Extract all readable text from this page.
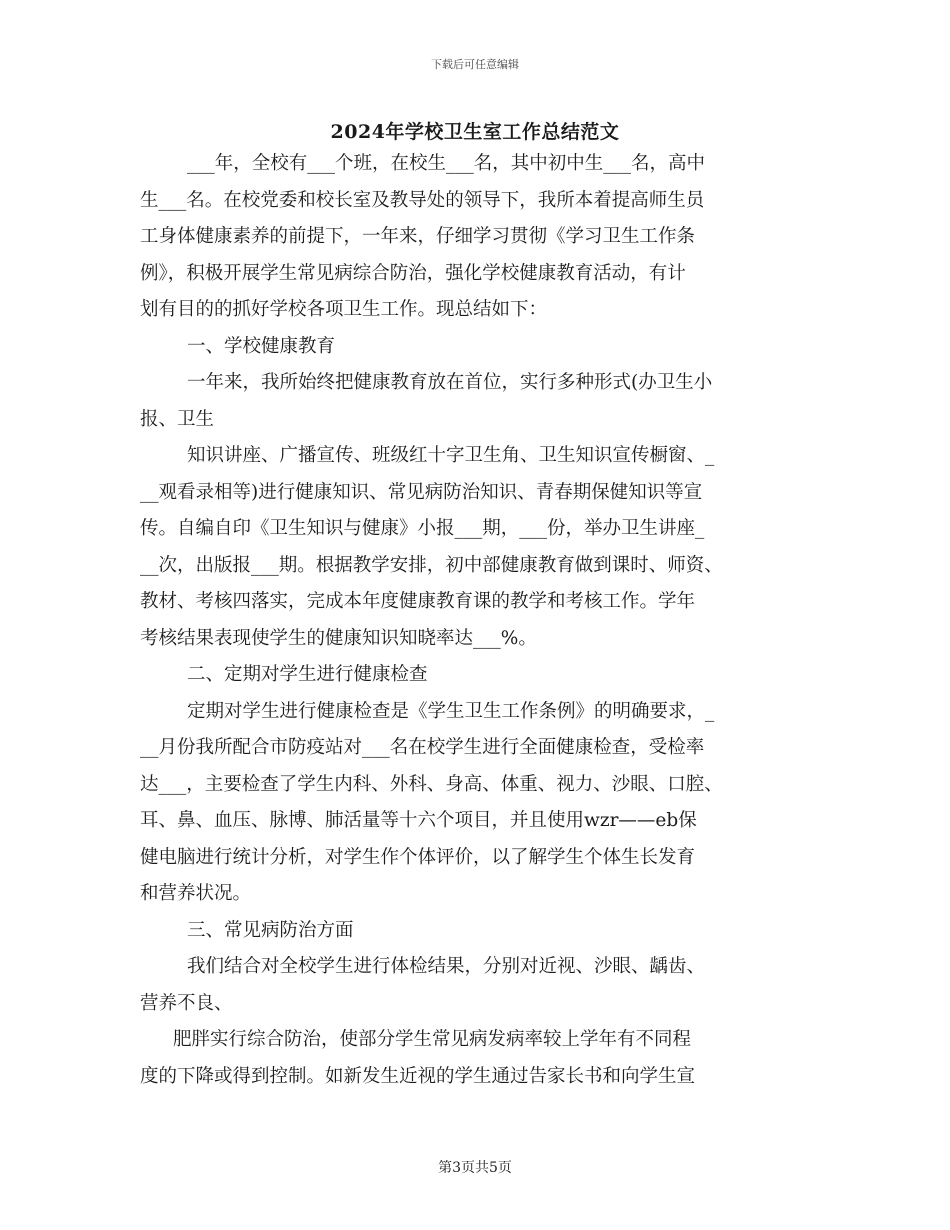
下载后可任意编辑
2024年学校卫生室工作总结范文
___年，全校有___个班，在校生___名，其中初中生___名，高中
生___名。在校党委和校长室及教导处的领导下，我所本着提高师生员
工身体健康素养的前提下，一年来，仔细学习贯彻《学习卫生工作条
例》，积极开展学生常见病综合防治，强化学校健康教育活动，有计
划有目的的抓好学校各项卫生工作。现总结如下：
一、学校健康教育
一年来，我所始终把健康教育放在首位，实行多种形式(办卫生小
报、卫生
知识讲座、广播宣传、班级红十字卫生角、卫生知识宣传橱窗、_
__观看录相等)进行健康知识、常见病防治知识、青春期保健知识等宣
传。自编自印《卫生知识与健康》小报___期，___份，举办卫生讲座_
__次，出版报___期。根据教学安排，初中部健康教育做到课时、师资、
教材、考核四落实，完成本年度健康教育课的教学和考核工作。学年
考核结果表现使学生的健康知识知晓率达___%。
二、定期对学生进行健康检查
定期对学生进行健康检查是《学生卫生工作条例》的明确要求，_
__月份我所配合市防疫站对___名在校学生进行全面健康检查，受检率
达___，主要检查了学生内科、外科、身高、体重、视力、沙眼、口腔、
耳、鼻、血压、脉博、肺活量等十六个项目，并且使用wzr——eb保
健电脑进行统计分析，对学生作个体评价，以了解学生个体生长发育
和营养状况。
三、常见病防治方面
我们结合对全校学生进行体检结果，分别对近视、沙眼、龋齿、
营养不良、
肥胖实行综合防治，使部分学生常见病发病率较上学年有不同程
度的下降或得到控制。如新发生近视的学生通过告家长书和向学生宣
第3页共5页
